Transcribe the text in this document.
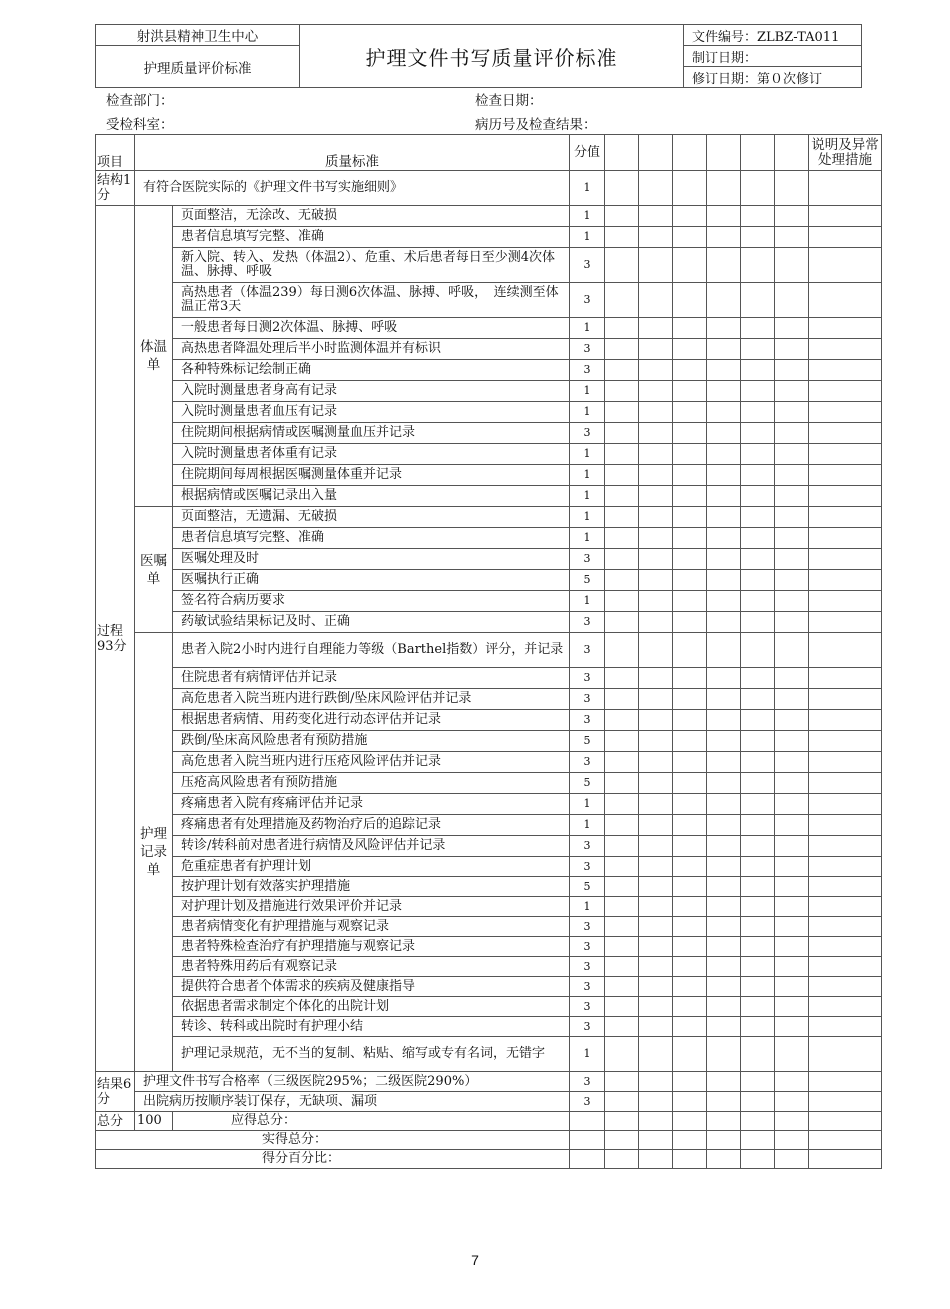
射洪县精神卫生中心	护理文件书写质量评价标准	文件编号：ZLBZ-TA011
护理质量评价标准		制订日期：
		修订日期：第０次修订
检查部门：	检查日期：
受检科室：	病历号及检查结果：
项目	质量标准		分值							说明及异常处理措施
结构1分	有符合医院实际的《护理文件书写实施细则》		1							
过程93分	体温单	页面整洁，无涂改、无破损	1							
		患者信息填写完整、准确	1							
		新入院、转入、发热（体温2）、危重、术后患者每日至少测4次体温、脉搏、呼吸	3							
		高热患者（体温239）每日测6次体温、脉搏、呼吸，　连续测至体温正常3天	3							
		一般患者每日测2次体温、脉搏、呼吸	1							
		高热患者降温处理后半小时监测体温并有标识	3							
		各种特殊标记绘制正确	3							
		入院时测量患者身高有记录	1							
		入院时测量患者血压有记录	1							
		住院期间根据病情或医嘱测量血压并记录	3							
		入院时测量患者体重有记录	1							
		住院期间每周根据医嘱测量体重并记录	1							
		根据病情或医嘱记录出入量	1							
	医嘱单	页面整洁，无遗漏、无破损	1							
		患者信息填写完整、准确	1							
		医嘱处理及时	3							
		医嘱执行正确	5							
		签名符合病历要求	1							
		药敏试验结果标记及时、正确	3							
	护理记录单	患者入院2小时内进行自理能力等级（Barthel指数）评分，并记录	3							
		住院患者有病情评估并记录	3							
		高危患者入院当班内进行跌倒/坠床风险评估并记录	3							
		根据患者病情、用药变化进行动态评估并记录	3							
		跌倒/坠床高风险患者有预防措施	5							
		高危患者入院当班内进行压疮风险评估并记录	3							
		压疮高风险患者有预防措施	5							
		疼痛患者入院有疼痛评估并记录	1							
		疼痛患者有处理措施及药物治疗后的追踪记录	1							
		转诊/转科前对患者进行病情及风险评估并记录	3							
		危重症患者有护理计划	3							
		按护理计划有效落实护理措施	5							
		对护理计划及措施进行效果评价并记录	1							
		患者病情变化有护理措施与观察记录	3							
		患者特殊检查治疗有护理措施与观察记录	3							
		患者特殊用药后有观察记录	3							
		提供符合患者个体需求的疾病及健康指导	3							
		依据患者需求制定个体化的出院计划	3							
		转诊、转科或出院时有护理小结	3							
		护理记录规范，无不当的复制、粘贴、缩写或专有名词，无错字	1							
结果6分	护理文件书写合格率（三级医院295%；二级医院290%）		3							
	出院病历按顺序装订保存，无缺项、漏项		3							
总分	100	应得总分：								
实得总分：										
得分百分比：										
7
